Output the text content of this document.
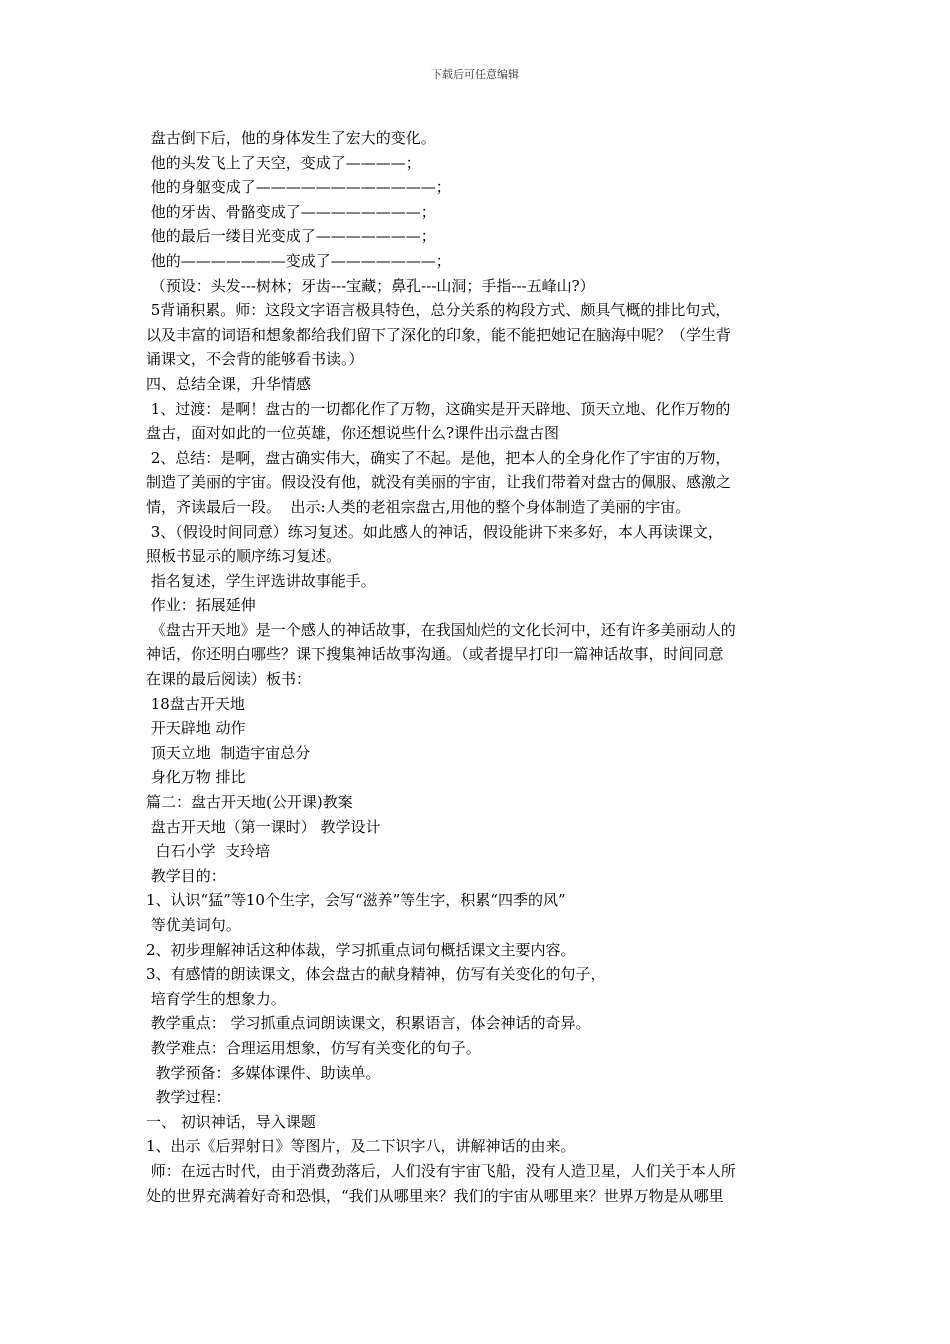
下载后可任意编辑
盘古倒下后，他的身体发生了宏大的变化。
他的头发飞上了天空，变成了————；
他的身躯变成了————————————；
他的牙齿、骨骼变成了————————；
他的最后一缕目光变成了———————；
他的———————变成了———————；
（预设：头发---树林；牙齿---宝藏；鼻孔---山洞；手指---五峰山?）
5背诵积累。师：这段文字语言极具特色，总分关系的构段方式、颇具气概的排比句式，
以及丰富的词语和想象都给我们留下了深化的印象，能不能把她记在脑海中呢？（学生背
诵课文，不会背的能够看书读。）
四、总结全课，升华情感
1、过渡：是啊！盘古的一切都化作了万物，这确实是开天辟地、顶天立地、化作万物的
盘古，面对如此的一位英雄，你还想说些什么?课件出示盘古图
2、总结：是啊，盘古确实伟大，确实了不起。是他，把本人的全身化作了宇宙的万物，
制造了美丽的宇宙。假设没有他，就没有美丽的宇宙，让我们带着对盘古的佩服、感激之
情，齐读最后一段。  出示:人类的老祖宗盘古,用他的整个身体制造了美丽的宇宙。
3、（假设时间同意）练习复述。如此感人的神话，假设能讲下来多好，本人再读课文，
照板书显示的顺序练习复述。
指名复述，学生评选讲故事能手。
作业：拓展延伸
《盘古开天地》是一个感人的神话故事，在我国灿烂的文化长河中，还有许多美丽动人的
神话，你还明白哪些？课下搜集神话故事沟通。（或者提早打印一篇神话故事，时间同意
在课的最后阅读）板书：
18盘古开天地
开天辟地 动作
顶天立地  制造宇宙总分
身化万物 排比
篇二：盘古开天地(公开课)教案
盘古开天地（第一课时） 教学设计
白石小学  支玲培
教学目的：
1、认识“猛”等10个生字，会写“滋养”等生字，积累“四季的风”
等优美词句。
2、初步理解神话这种体裁，学习抓重点词句概括课文主要内容。
3、有感情的朗读课文，体会盘古的献身精神，仿写有关变化的句子，
培育学生的想象力。
教学重点： 学习抓重点词朗读课文，积累语言，体会神话的奇异。
教学难点：合理运用想象，仿写有关变化的句子。
教学预备：多媒体课件、助读单。
教学过程：
一、 初识神话，导入课题
1、出示《后羿射日》等图片，及二下识字八，讲解神话的由来。
师：在远古时代，由于消费劲落后，人们没有宇宙飞船，没有人造卫星，人们关于本人所
处的世界充满着好奇和恐惧，“我们从哪里来？我们的宇宙从哪里来？世界万物是从哪里
